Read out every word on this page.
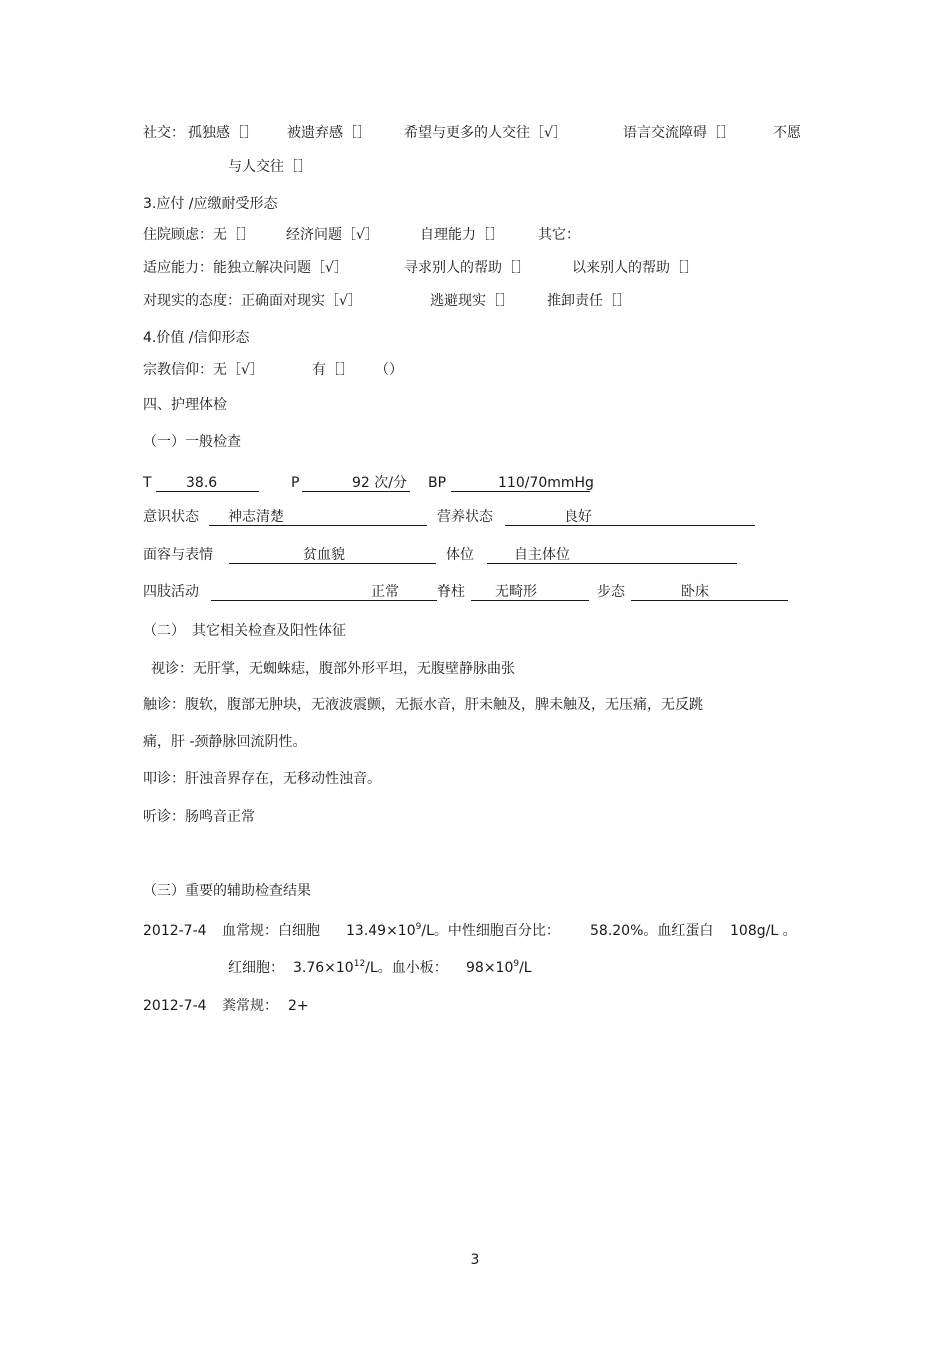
社交： 孤独感［］ 被遗弃感［］ 希望与更多的人交往［√］	语言交流障碍［］	不愿
与人交往［］
3.应付 /应缴耐受形态
住院顾虑：无［］ 经济问题［√］	自理能力［］ 其它：
适应能力：能独立解决问题［√］	寻求别人的帮助［］	以来别人的帮助［］
对现实的态度：正确面对现实［√］	逃避现实［］ 推卸责任［］
4.价值 /信仰形态
宗教信仰：无［√］	有［］ （）
四、护理体检
（一）一般检查
T 38.6	P	92 次/分 BP	110/70mmHg
意识状态 神志清楚	营养状态	良好
面容与表情	贫血貌	体位	自主体位
四肢活动	正常	脊柱 无畸形	步态	卧床
（二）　其它相关检查及阳性体征
视诊：无肝掌，无蜘蛛痣，腹部外形平坦，无腹壁静脉曲张
触诊：腹软，腹部无肿块，无液波震颤，无振水音，肝未触及，脾未触及，无压痛，无反跳
痛，肝 -颈静脉回流阴性。
叩诊：肝浊音界存在，无移动性浊音。
听诊：肠鸣音正常
（三）重要的辅助检查结果
2012-7-4 血常规：白细胞 $13.49\times 10^9/L$。中性细胞百分比： 58.20%。血红蛋白 108g/L 。
红细胞： $3.76\times 10^{12}/L$。血小板： $98\times 10^9/L$
2012-7-4 粪常规： 2+
3
